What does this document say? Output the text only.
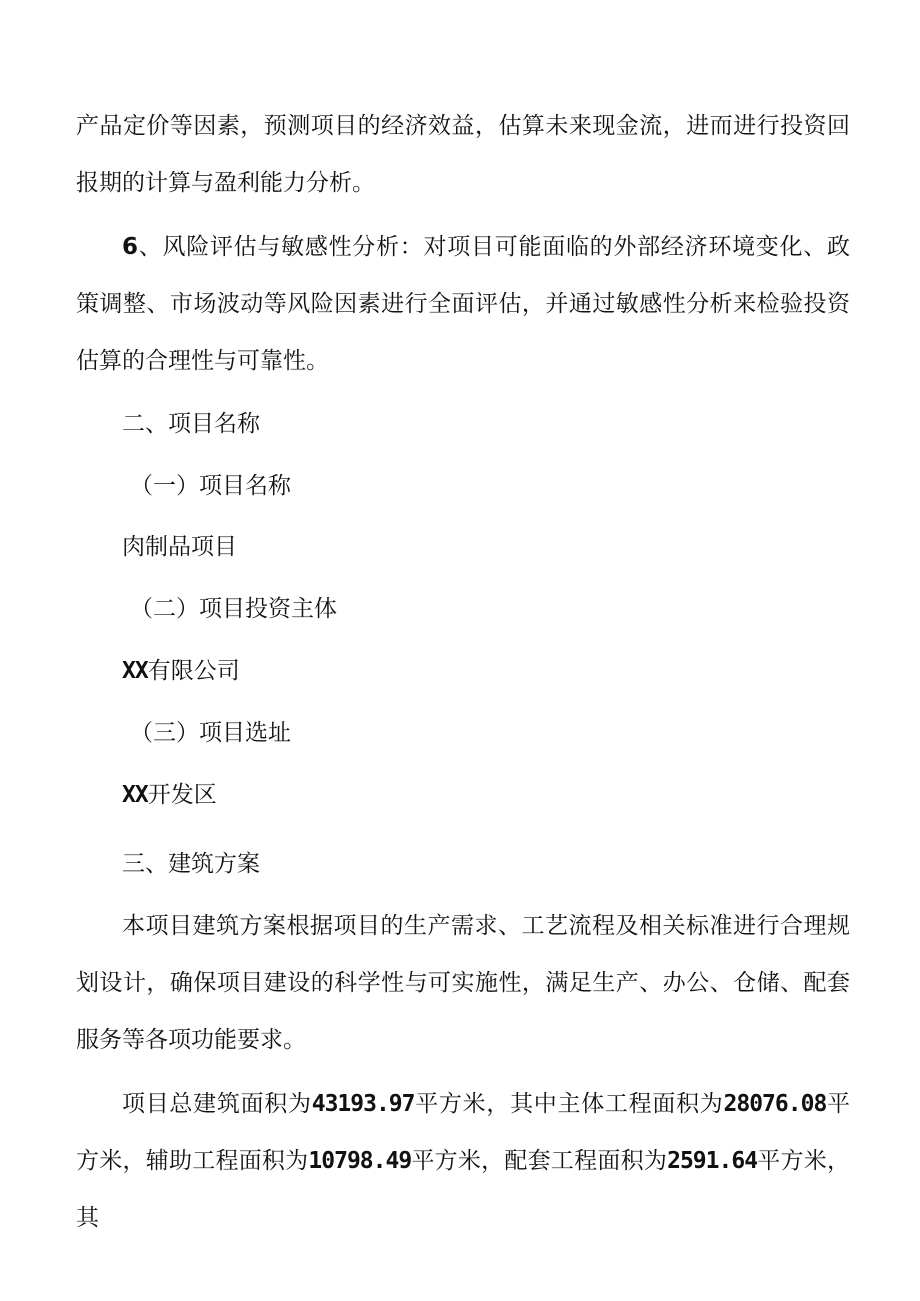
产品定价等因素，预测项目的经济效益，估算未来现金流，进而进行投资回报期的计算与盈利能力分析。

6、风险评估与敏感性分析：对项目可能面临的外部经济环境变化、政策调整、市场波动等风险因素进行全面评估，并通过敏感性分析来检验投资估算的合理性与可靠性。

二、项目名称

（一）项目名称

肉制品项目

（二）项目投资主体

XX有限公司

（三）项目选址

XX开发区

三、建筑方案

本项目建筑方案根据项目的生产需求、工艺流程及相关标准进行合理规划设计，确保项目建设的科学性与可实施性，满足生产、办公、仓储、配套服务等各项功能要求。

项目总建筑面积为43193.97平方米，其中主体工程面积为28076.08平方米，辅助工程面积为10798.49平方米，配套工程面积为2591.64平方米，其
